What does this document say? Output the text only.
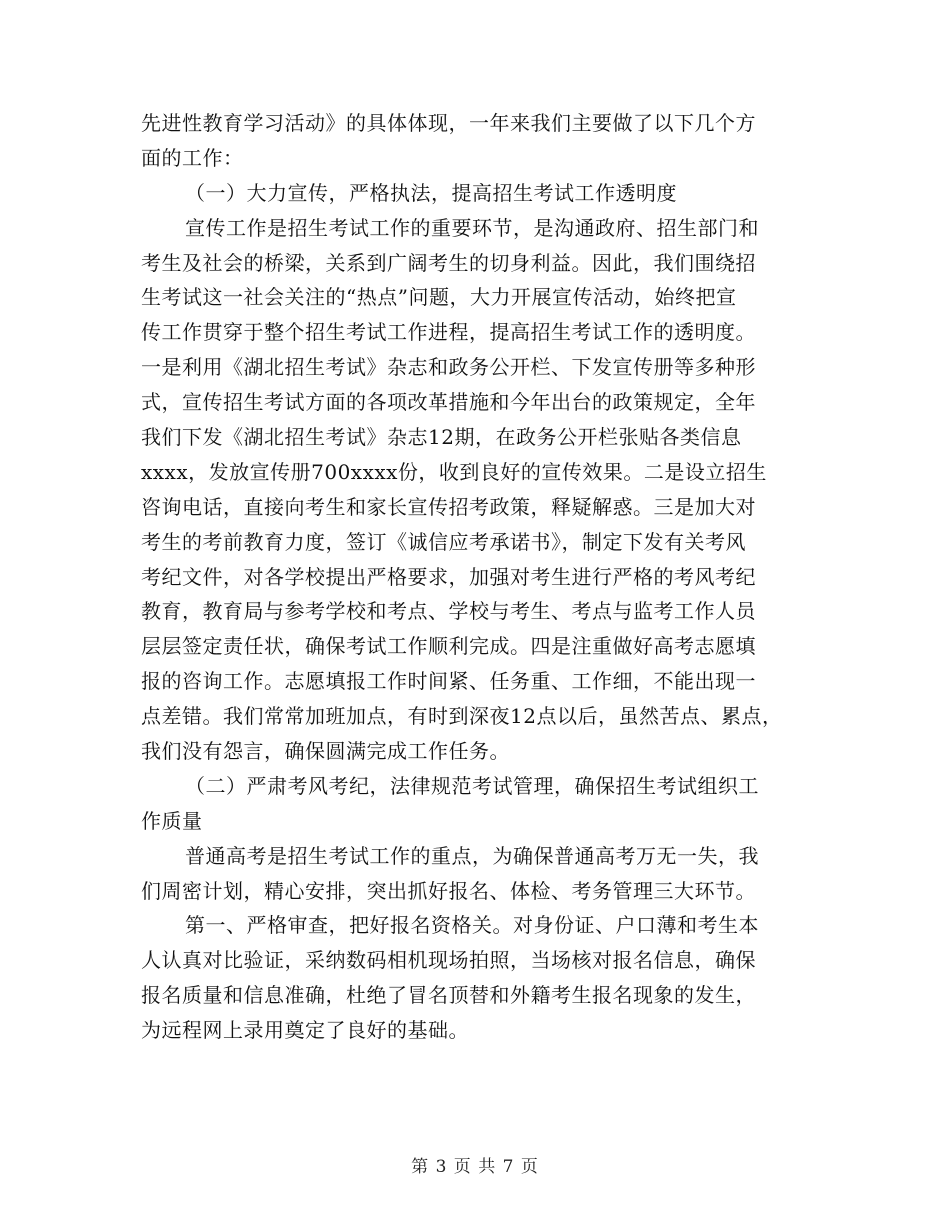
先进性教育学习活动》的具体体现，一年来我们主要做了以下几个方
面的工作：
（一）大力宣传，严格执法，提高招生考试工作透明度
宣传工作是招生考试工作的重要环节，是沟通政府、招生部门和
考生及社会的桥梁，关系到广阔考生的切身利益。因此，我们围绕招
生考试这一社会关注的“热点”问题，大力开展宣传活动，始终把宣
传工作贯穿于整个招生考试工作进程，提高招生考试工作的透明度。
一是利用《湖北招生考试》杂志和政务公开栏、下发宣传册等多种形
式，宣传招生考试方面的各项改革措施和今年出台的政策规定，全年
我们下发《湖北招生考试》杂志12期，在政务公开栏张贴各类信息
xxxx，发放宣传册700xxxx份，收到良好的宣传效果。二是设立招生
咨询电话，直接向考生和家长宣传招考政策，释疑解惑。三是加大对
考生的考前教育力度，签订《诚信应考承诺书》，制定下发有关考风
考纪文件，对各学校提出严格要求，加强对考生进行严格的考风考纪
教育，教育局与参考学校和考点、学校与考生、考点与监考工作人员
层层签定责任状，确保考试工作顺利完成。四是注重做好高考志愿填
报的咨询工作。志愿填报工作时间紧、任务重、工作细，不能出现一
点差错。我们常常加班加点，有时到深夜12点以后，虽然苦点、累点，
我们没有怨言，确保圆满完成工作任务。
（二）严肃考风考纪，法律规范考试管理，确保招生考试组织工
作质量
普通高考是招生考试工作的重点，为确保普通高考万无一失，我
们周密计划，精心安排，突出抓好报名、体检、考务管理三大环节。
第一、严格审查，把好报名资格关。对身份证、户口薄和考生本
人认真对比验证，采纳数码相机现场拍照，当场核对报名信息，确保
报名质量和信息准确，杜绝了冒名顶替和外籍考生报名现象的发生，
为远程网上录用奠定了良好的基础。
第 3 页 共 7 页
